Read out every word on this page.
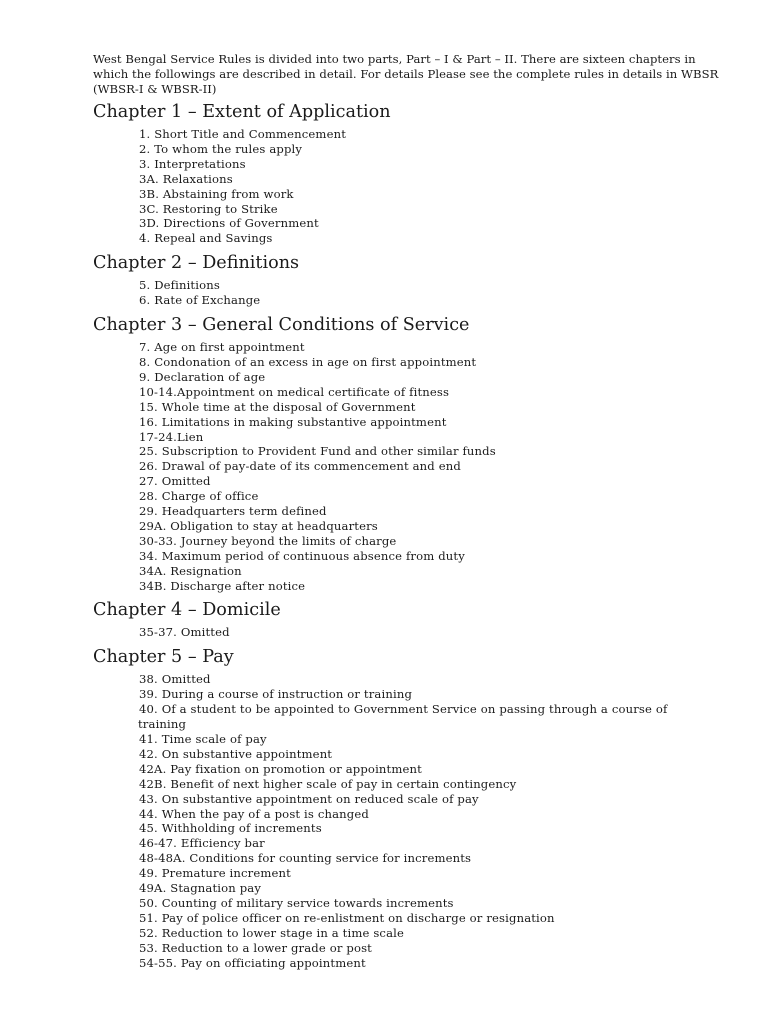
West Bengal Service Rules is divided into two parts, Part – I & Part – II. There are sixteen chapters in which the followings are described in detail. For details Please see the complete rules in details in WBSR (WBSR-I & WBSR-II)

Chapter 1 – Extent of Application
1. Short Title and Commencement
2. To whom the rules apply
3. Interpretations
3A. Relaxations
3B. Abstaining from work
3C. Restoring to Strike
3D. Directions of Government
4. Repeal and Savings
Chapter 2 – Definitions
5. Definitions
6. Rate of Exchange
Chapter 3 – General Conditions of Service
7. Age on first appointment
8. Condonation of an excess in age on first appointment
9. Declaration of age
10-14.Appointment on medical certificate of fitness
15. Whole time at the disposal of Government
16. Limitations in making substantive appointment
17-24.Lien
25. Subscription to Provident Fund and other similar funds
26. Drawal of pay-date of its commencement and end
27. Omitted
28. Charge of office
29. Headquarters term defined
29A. Obligation to stay at headquarters
30-33. Journey beyond the limits of charge
34. Maximum period of continuous absence from duty
34A. Resignation
34B. Discharge after notice
Chapter 4 – Domicile
35-37. Omitted
Chapter 5 – Pay
38. Omitted
39. During a course of instruction or training
40. Of a student to be appointed to Government Service on passing through a course of
training
41. Time scale of pay
42. On substantive appointment
42A. Pay fixation on promotion or appointment
42B. Benefit of next higher scale of pay in certain contingency
43. On substantive appointment on reduced scale of pay
44. When the pay of a post is changed
45. Withholding of increments
46-47. Efficiency bar
48-48A. Conditions for counting service for increments
49. Premature increment
49A. Stagnation pay
50. Counting of military service towards increments
51. Pay of police officer on re-enlistment on discharge or resignation
52. Reduction to lower stage in a time scale
53. Reduction to a lower grade or post
54-55. Pay on officiating appointment
